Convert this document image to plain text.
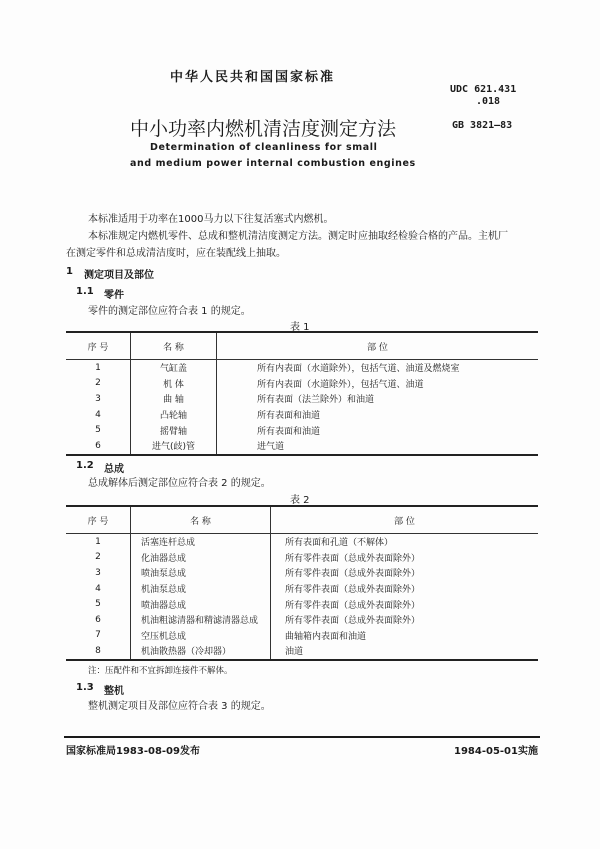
中华人民共和国国家标准
UDC 621.431
.018
中小功率内燃机清洁度测定方法	GB 3821—83
Determination of cleanliness for small
and medium power internal combustion engines
本标准适用于功率在1000马力以下往复活塞式内燃机。
本标准规定内燃机零件、总成和整机清洁度测定方法。测定时应抽取经检验合格的产品。主机厂
在测定零件和总成清洁度时，应在装配线上抽取。
1 测定项目及部位
1.1 零件
零件的测定部位应符合表 1 的规定。
表 1
序 号	名 称	部 位
1	气缸盖	所有内表面（水道除外），包括气道、油道及燃烧室
2	机 体	所有内表面（水道除外），包括气道、油道
3	曲 轴	所有表面（法兰除外）和油道
4	凸轮轴	所有表面和油道
5	摇臂轴	所有表面和油道
6	进气(歧)管	进气道
1.2 总成
总成解体后测定部位应符合表 2 的规定。
表 2
序 号	名 称	部 位
1	活塞连杆总成	所有表面和孔道（不解体）
2	化油器总成	所有零件表面（总成外表面除外）
3	喷油泵总成	所有零件表面（总成外表面除外）
4	机油泵总成	所有零件表面（总成外表面除外）
5	喷油器总成	所有零件表面（总成外表面除外）
6	机油粗滤清器和精滤清器总成	所有零件表面（总成外表面除外）
7	空压机总成	曲轴箱内表面和油道
8	机油散热器（冷却器）	油道
注：压配件和不宜拆卸连接件不解体。
1.3 整机
整机测定项目及部位应符合表 3 的规定。
国家标准局1983-08-09发布	1984-05-01实施
